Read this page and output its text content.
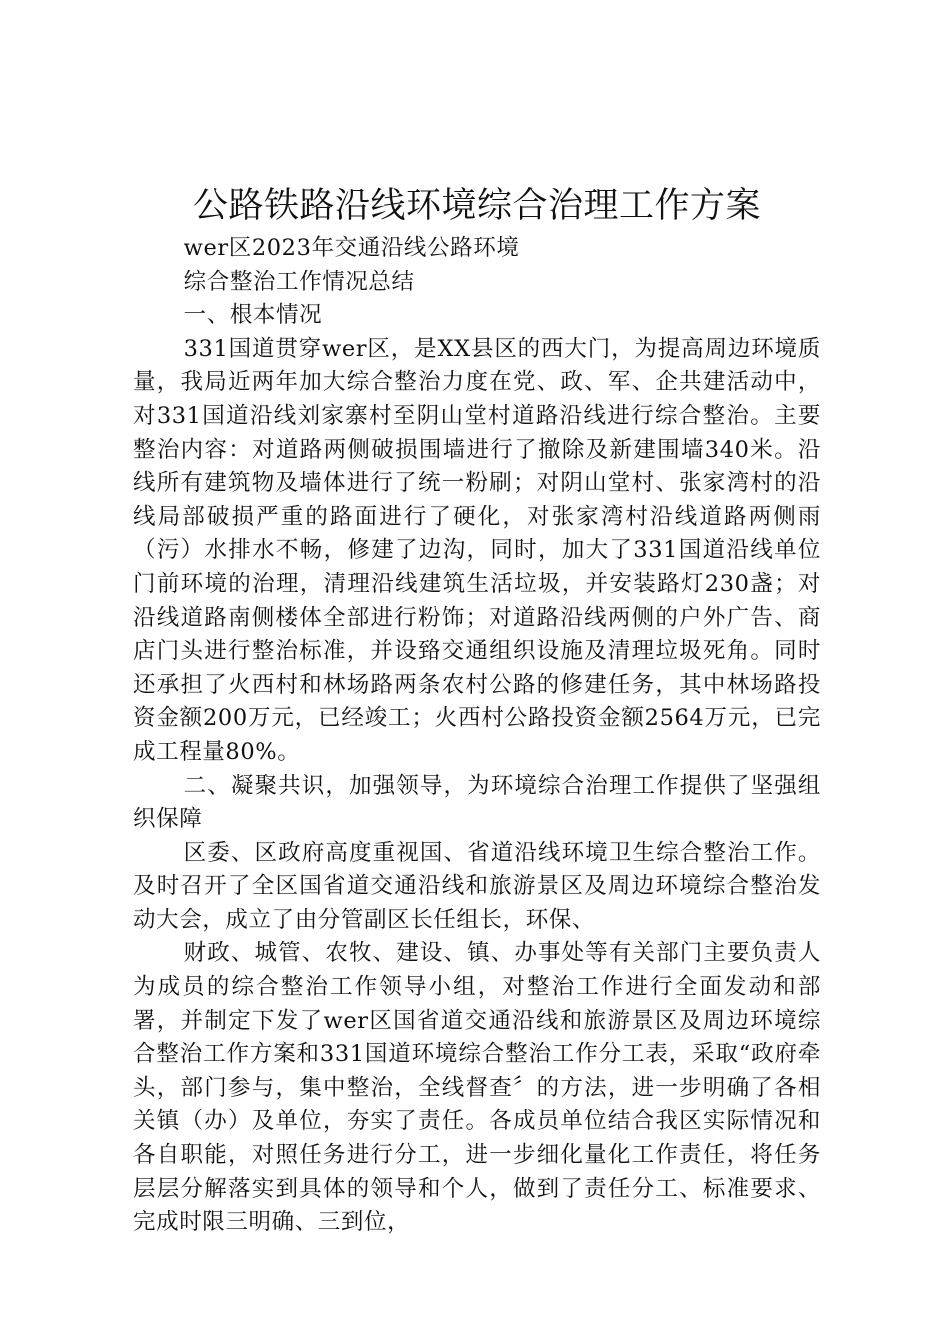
公路铁路沿线环境综合治理工作方案

wer区2023年交通沿线公路环境

综合整治工作情况总结

一、根本情况

331国道贯穿wer区，是XX县区的西大门，为提高周边环境质量，我局近两年加大综合整治力度在党、政、军、企共建活动中，对331国道沿线刘家寨村至阴山堂村道路沿线进行综合整治。主要整治内容：对道路两侧破损围墙进行了撤除及新建围墙340米。沿线所有建筑物及墙体进行了统一粉刷；对阴山堂村、张家湾村的沿线局部破损严重的路面进行了硬化，对张家湾村沿线道路两侧雨（污）水排水不畅，修建了边沟，同时，加大了331国道沿线单位门前环境的治理，清理沿线建筑生活垃圾，并安装路灯230盏；对沿线道路南侧楼体全部进行粉饰；对道路沿线两侧的户外广告、商店门头进行整治标准，并设臵交通组织设施及清理垃圾死角。同时还承担了火西村和林场路两条农村公路的修建任务，其中林场路投资金额200万元，已经竣工；火西村公路投资金额2564万元，已完成工程量80%。

二、凝聚共识，加强领导，为环境综合治理工作提供了坚强组织保障

区委、区政府高度重视国、省道沿线环境卫生综合整治工作。及时召开了全区国省道交通沿线和旅游景区及周边环境综合整治发动大会，成立了由分管副区长任组长，环保、

财政、城管、农牧、建设、镇、办事处等有关部门主要负责人为成员的综合整治工作领导小组，对整治工作进行全面发动和部署，并制定下发了wer区国省道交通沿线和旅游景区及周边环境综合整治工作方案和331国道环境综合整治工作分工表，采取“政府牵头，部门参与，集中整治，全线督查〞的方法，进一步明确了各相关镇（办）及单位，夯实了责任。各成员单位结合我区实际情况和各自职能，对照任务进行分工，进一步细化量化工作责任，将任务层层分解落实到具体的领导和个人，做到了责任分工、标准要求、完成时限三明确、三到位，
